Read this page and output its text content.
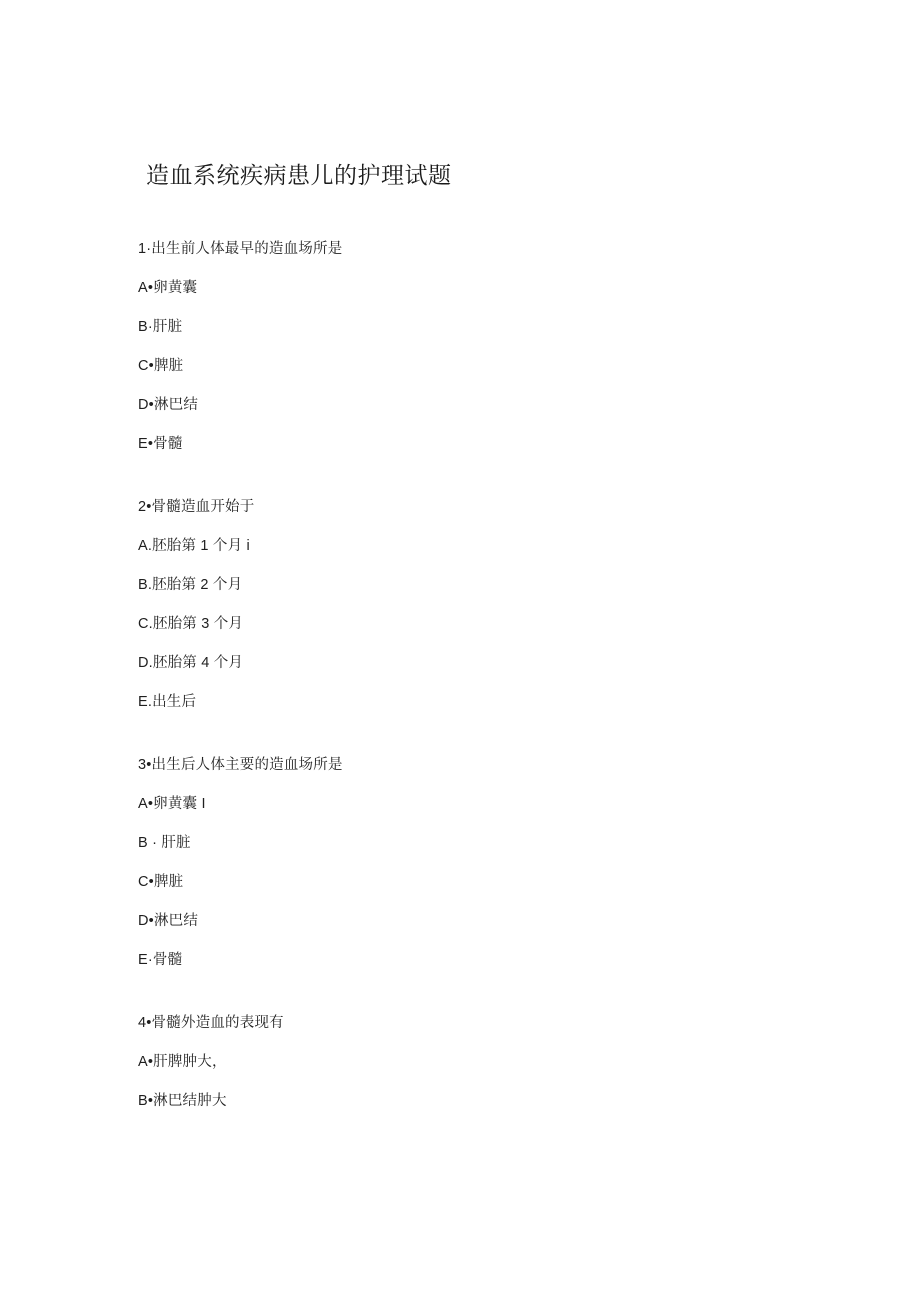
造血系统疾病患儿的护理试题
1·出生前人体最早的造血场所是
A•卵黄囊
B·肝脏
C•脾脏
D•淋巴结
E•骨髓
2•骨髓造血开始于
A.胚胎第 1 个月 i
B.胚胎第 2 个月
C.胚胎第 3 个月
D.胚胎第 4 个月
E.出生后
3•出生后人体主要的造血场所是
A•卵黄囊 I
B · 肝脏
C•脾脏
D•淋巴结
E·骨髓
4•骨髓外造血的表现有
A•肝脾肿大，
B•淋巴结肿大
